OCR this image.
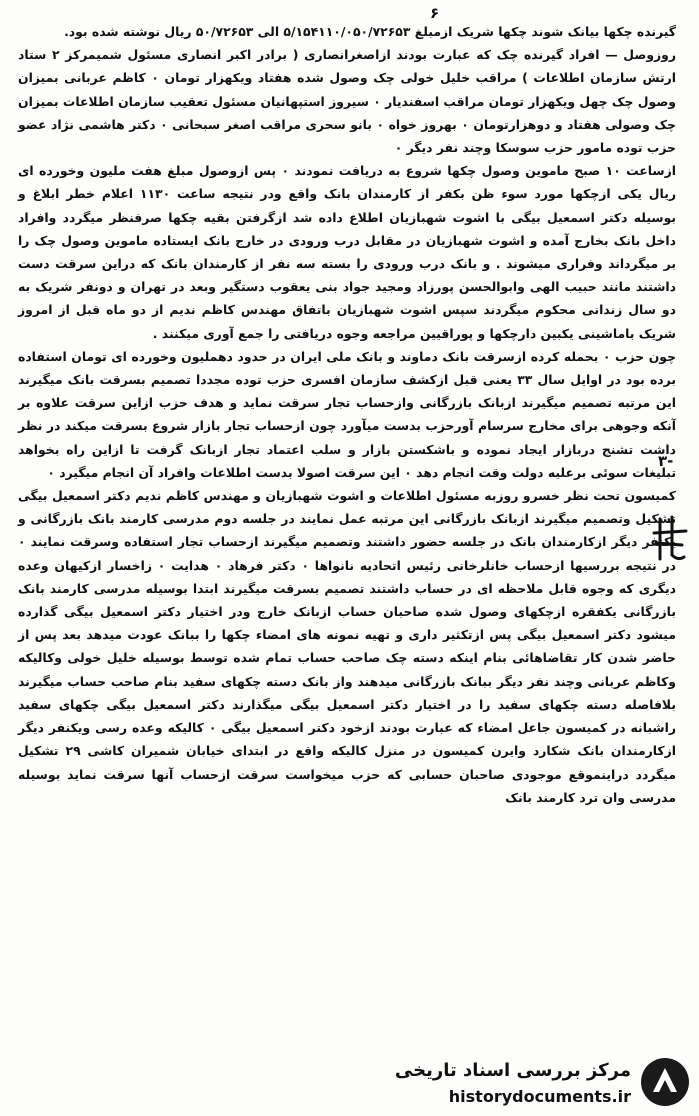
۶

گیرنده چکها بیانک شوند چکها شریک ازمبلغ ۵/۱۵۴۱۱۰/۰۵۰/۷۲۶۵۳ الی ۵۰/۷۲۶۵۳ ریال نوشته شده بود.

روزوصل — افراد گیرنده چک که عبارت بودند ازاصغرانصاری ( برادر اکبر انصاری مسئول شمیمرکز ۲ ستاد ارتش سازمان اطلاعات ) مراقب خلیل خولی چک وصول شده هفتاد ویکهزار تومان ۰ کاظم عربانی بمیزان وصول چک چهل ویکهزار تومان مراقب اسفندیار ۰ سیروز استپهانیان مسئول تعقیب سازمان اطلاعات بمیزان چک وصولی هفتاد و دوهزارتومان ۰ بهروز خواه ۰ بانو سحری مراقب اصغر سبحانی ۰ دکتر هاشمی نژاد عضو حزب توده مامور حزب سوسکا وچند نفر دیگر ۰

ازساعت ۱۰ صبح ماموین وصول چکها شروع به دریافت نمودند ۰ پس ازوصول مبلغ هفت ملیون وخورده ای ریال یکی ازچکها مورد سوء ظن بکفر از کارمندان بانک واقع ودر نتیجه ساعت ۱۱۳۰ اعلام خطر ابلاغ و بوسیله دکتر اسمعیل بیگی با اشوت شهبازیان اطلاع داده شد ازگرفتن بقیه چکها صرفنظر میگردد وافراد داخل بانک بخارج آمده و اشوت شهبازیان در مقابل درب ورودی در خارج بانک ایستاده ماموین وصول چک را بر میگرداند وفراری میشوند . و بانک درب ورودی را بسته سه نفر از کارمندان بانک که دراین سرقت دست داشتند مانند حبیب الهی وابوالحسن پورزاد ومجید جواد بنی یعقوب دستگیر وبعد در تهران و دونفر شریک به دو سال زندانی محکوم میگردند سپس اشوت شهبازیان باتفاق مهندس کاظم ندیم از دو ماه قبل از امروز شریک باماشینی یکبین دارچکها و پوراقیین مراجعه وجوه دریافتی را جمع آوری میکنند .

چون حزب ۰ بحمله کرده ازسرقت بانک دماوند و بانک ملی ایران در حدود دهملیون وخورده ای تومان استفاده برده بود در اوایل سال ۳۳ یعنی قبل ازکشف سازمان افسری حزب توده مجددا تصمیم بسرقت بانک میگیرند این مرتبه تصمیم میگیرند ازبانک بازرگانی وازحساب تجار سرقت نماید و هدف حزب ازاین سرقت علاوه بر آنکه وجوهی برای مخارج سرسام آورحزب بدست میآورد چون ازحساب تجار بازار شروع بسرقت میکند در نظر داشت تشنج دربازار ایجاد نموده و باشکستن بازار و سلب اعتماد تجار ازبانک گرفت تا ازاین راه بخواهد تبلیغات سوئی برعلیه دولت وقت انجام دهد ۰ این سرقت اصولا بدست اطلاعات وافراد آن انجام میگیرد ۰

کمیسون تحت نظر خسرو روزبه مسئول اطلاعات و اشوت شهبازیان و مهندس کاظم ندیم دکتر اسمعیل بیگی تشکیل وتصمیم میگیرند ازبانک بازرگانی این مرتبه عمل نمایند در جلسه دوم مدرسی کارمند بانک بازرگانی و یکنفر دیگر ازکارمندان بانک در جلسه حضور داشتند وتصمیم میگیرند ازحساب تجار استفاده وسرقت نمایند ۰ در نتیجه بررسیها ازحساب خانلرخانی رئیس اتحادیه نانواها ۰ دکتر فرهاد ۰ هدایت ۰ زاخسار ازکیهان وعده دیگری که وجوه قابل ملاحظه ای در حساب داشتند تصمیم بسرقت میگیرند ابتدا بوسیله مدرسی کارمند بانک بازرگانی یکفقره ازچکهای وصول شده صاحبان حساب ازبانک خارج ودر اختیار دکتر اسمعیل بیگی گذارده میشود دکتر اسمعیل بیگی پس ازتکثیر داری و تهیه نمونه های امضاء چکها را ببانک عودت میدهد بعد پس از حاضر شدن کار تقاضاهائی بنام اینکه دسته چک صاحب حساب تمام شده توسط بوسیله خلیل خولی وکالیکه وکاظم عربانی وچند نفر دیگر ببانک بازرگانی میدهند واز بانک دسته چکهای سفید بنام صاحب حساب میگیرند بلافاصله دسته چکهای سفید را در اختیار دکتر اسمعیل بیگی میگذارند دکتر اسمعیل بیگی چکهای سفید راشبانه در کمیسون جاعل امضاء که عبارت بودند ازخود دکتر اسمعیل بیگی ۰ کالیکه وعده رسی ویکنفر دیگر ازکارمندان بانک شکارد وایرن کمیسون در منزل کالیکه واقع در ابتدای خیابان شمیران کاشی ۲۹ تشکیل میگردد دراینموقع موجودی صاحبان حسابی که حزب میخواست سرقت ازحساب آنها سرقت نماید بوسیله مدرسی وان ترد کارمند بانک

۳-
مرکز بررسی اسناد تاریخی
historydocuments.ir
